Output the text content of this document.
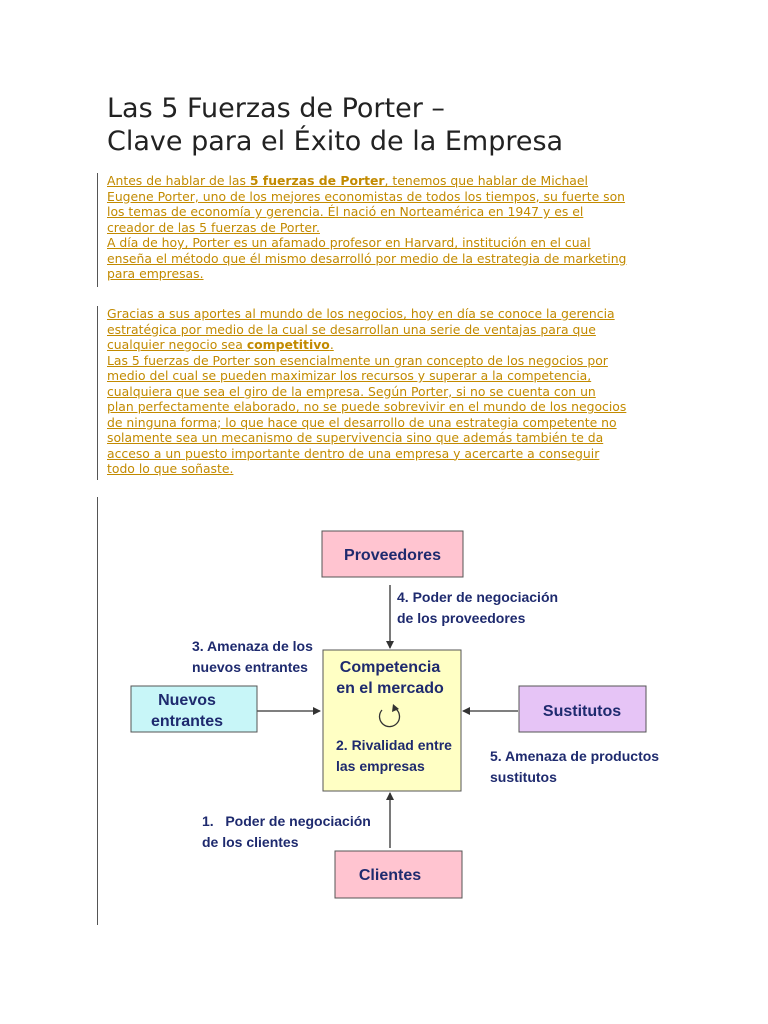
Las 5 Fuerzas de Porter –
Clave para el Éxito de la Empresa
Antes de hablar de las 5 fuerzas de Porter, tenemos que hablar de Michael
Eugene Porter, uno de los mejores economistas de todos los tiempos, su fuerte son
los temas de economía y gerencia. Él nació en Norteamérica en 1947 y es el
creador de las 5 fuerzas de Porter.
A día de hoy, Porter es un afamado profesor en Harvard, institución en el cual
enseña el método que él mismo desarrolló por medio de la estrategia de marketing
para empresas.
Gracias a sus aportes al mundo de los negocios, hoy en día se conoce la gerencia
estratégica por medio de la cual se desarrollan una serie de ventajas para que
cualquier negocio sea competitivo.
Las 5 fuerzas de Porter son esencialmente un gran concepto de los negocios por
medio del cual se pueden maximizar los recursos y superar a la competencia,
cualquiera que sea el giro de la empresa. Según Porter, si no se cuenta con un
plan perfectamente elaborado, no se puede sobrevivir en el mundo de los negocios
de ninguna forma; lo que hace que el desarrollo de una estrategia competente no
solamente sea un mecanismo de supervivencia sino que además también te da
acceso a un puesto importante dentro de una empresa y acercarte a conseguir
todo lo que soñaste.
Proveedores
Nuevos
entrantes
Sustitutos
Clientes
Competencia
en el mercado
2. Rivalidad entre
las empresas
4. Poder de negociación
de los proveedores
3. Amenaza de los
nuevos entrantes
5. Amenaza de productos
sustitutos
1.   Poder de negociación
de los clientes
